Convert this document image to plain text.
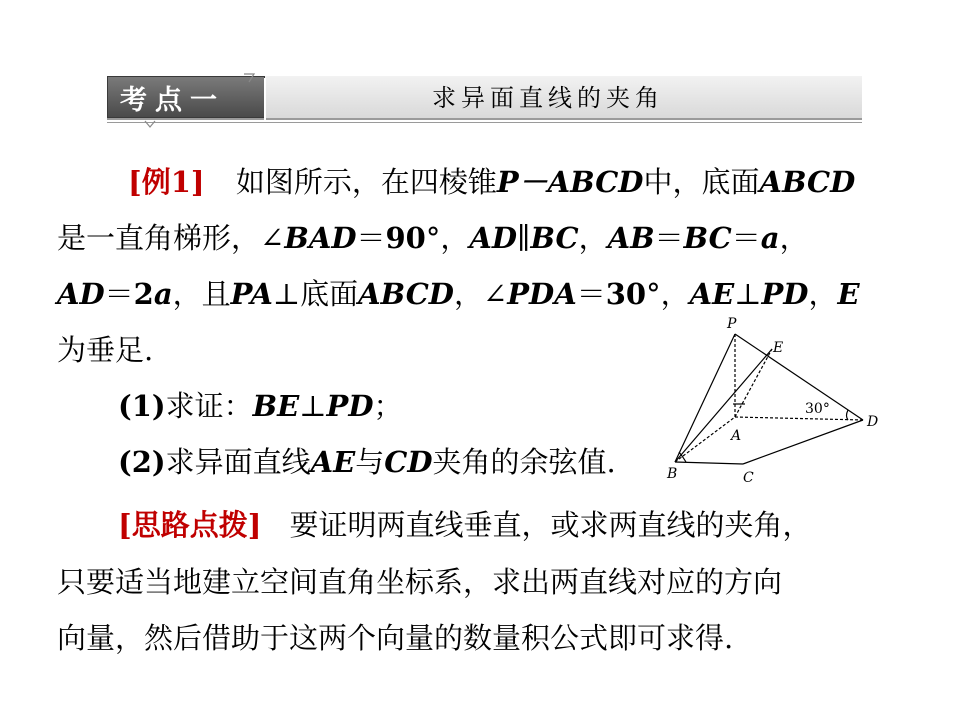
考点一	求异面直线的夹角
[例1] 如图所示，在四棱锥P－ABCD中，底面ABCD
是一直角梯形，∠BAD＝90°，AD∥BC，AB＝BC＝a，
AD＝2a，且PA⊥底面ABCD，∠PDA＝30°，AE⊥PD，E
为垂足.
(1)求证：BE⊥PD；
(2)求异面直线AE与CD夹角的余弦值.
[思路点拨] 要证明两直线垂直，或求两直线的夹角，
只要适当地建立空间直角坐标系，求出两直线对应的方向
向量，然后借助于这两个向量的数量积公式即可求得.
P
E
A
B	C
D
30°
